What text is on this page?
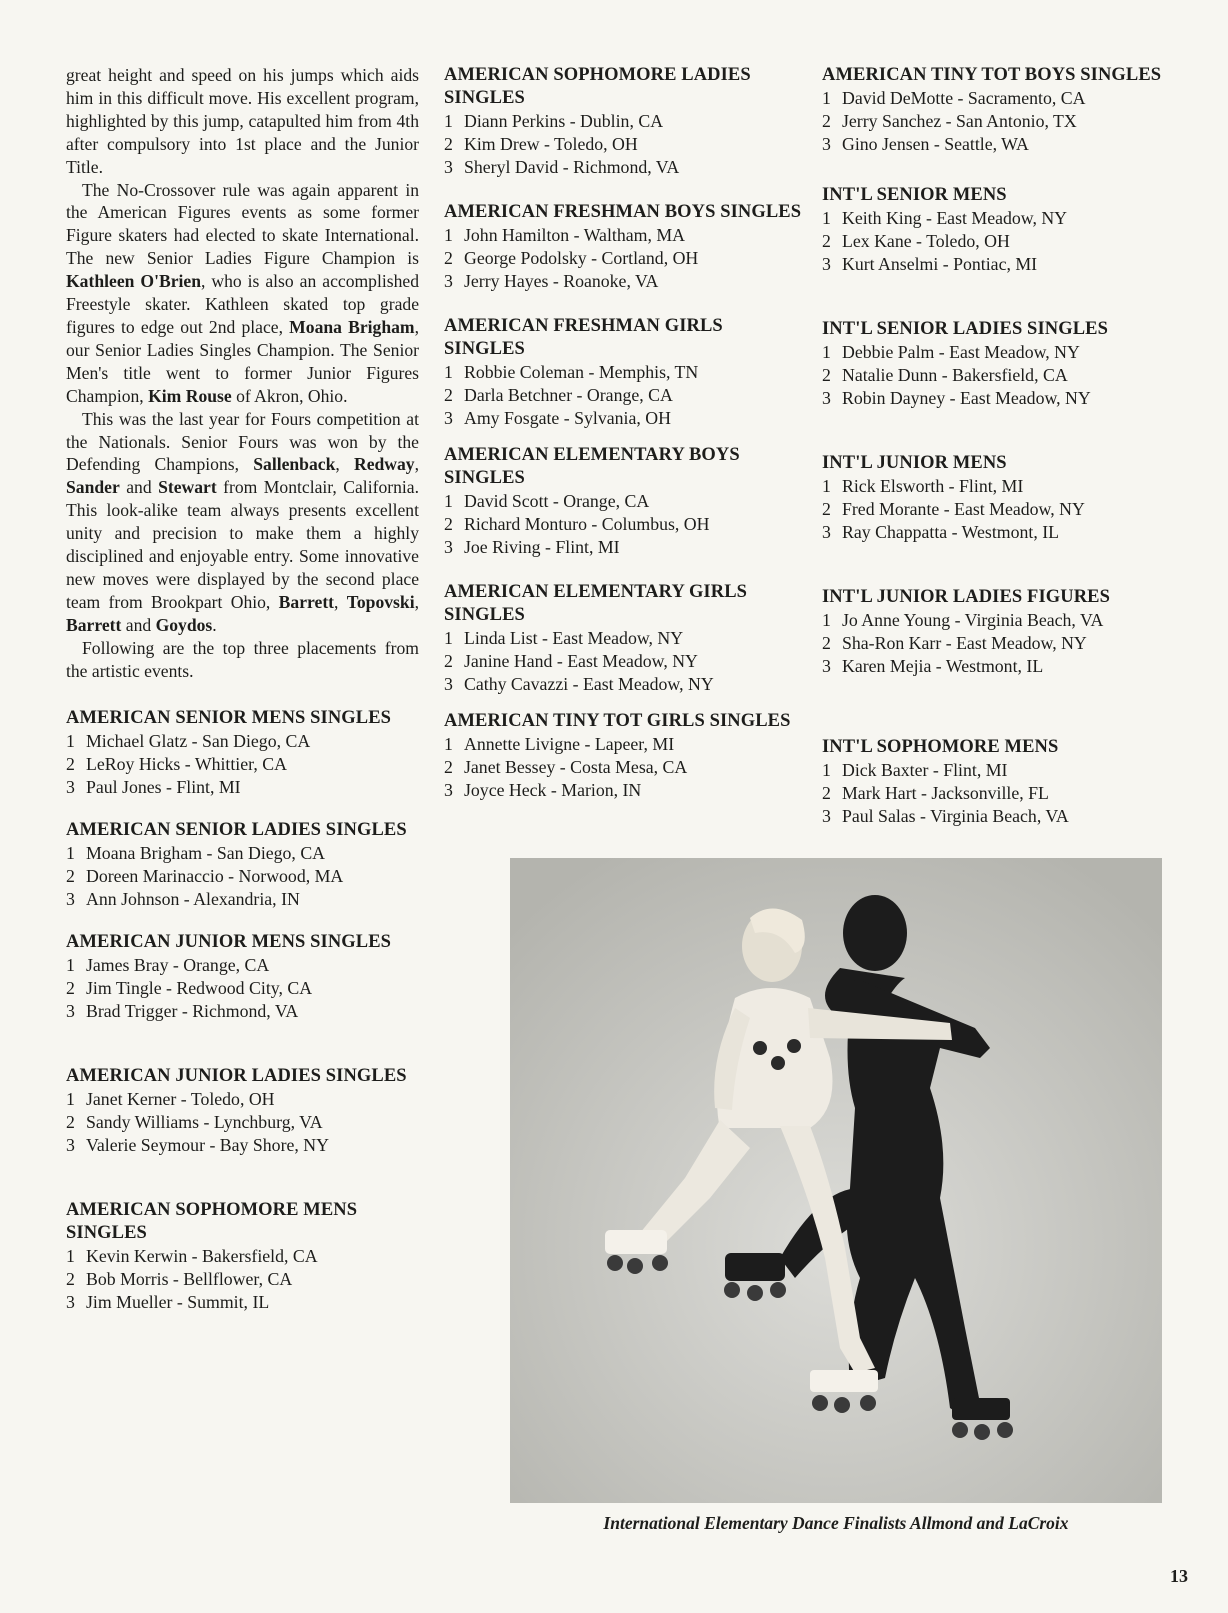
great height and speed on his jumps which aids him in this difficult move. His excellent program, highlighted by this jump, catapulted him from 4th after compulsory into 1st place and the Junior Title.

The No-Crossover rule was again apparent in the American Figures events as some former Figure skaters had elected to skate International. The new Senior Ladies Figure Champion is Kathleen O'Brien, who is also an accomplished Freestyle skater. Kathleen skated top grade figures to edge out 2nd place, Moana Brigham, our Senior Ladies Singles Champion. The Senior Men's title went to former Junior Figures Champion, Kim Rouse of Akron, Ohio.

This was the last year for Fours competition at the Nationals. Senior Fours was won by the Defending Champions, Sallenback, Redway, Sander and Stewart from Montclair, California. This look-alike team always presents excellent unity and precision to make them a highly disciplined and enjoyable entry. Some innovative new moves were displayed by the second place team from Brookpart Ohio, Barrett, Topovski, Barrett and Goydos.

Following are the top three placements from the artistic events.

AMERICAN SENIOR MENS SINGLES
1 Michael Glatz - San Diego, CA
2 LeRoy Hicks - Whittier, CA
3 Paul Jones - Flint, MI
AMERICAN SENIOR LADIES SINGLES
1 Moana Brigham - San Diego, CA
2 Doreen Marinaccio - Norwood, MA
3 Ann Johnson - Alexandria, IN
AMERICAN JUNIOR MENS SINGLES
1 James Bray - Orange, CA
2 Jim Tingle - Redwood City, CA
3 Brad Trigger - Richmond, VA
AMERICAN JUNIOR LADIES SINGLES
1 Janet Kerner - Toledo, OH
2 Sandy Williams - Lynchburg, VA
3 Valerie Seymour - Bay Shore, NY
AMERICAN SOPHOMORE MENS SINGLES
1 Kevin Kerwin - Bakersfield, CA
2 Bob Morris - Bellflower, CA
3 Jim Mueller - Summit, IL
AMERICAN SOPHOMORE LADIES SINGLES
1 Diann Perkins - Dublin, CA
2 Kim Drew - Toledo, OH
3 Sheryl David - Richmond, VA
AMERICAN FRESHMAN BOYS SINGLES
1 John Hamilton - Waltham, MA
2 George Podolsky - Cortland, OH
3 Jerry Hayes - Roanoke, VA
AMERICAN FRESHMAN GIRLS SINGLES
1 Robbie Coleman - Memphis, TN
2 Darla Betchner - Orange, CA
3 Amy Fosgate - Sylvania, OH
AMERICAN ELEMENTARY BOYS SINGLES
1 David Scott - Orange, CA
2 Richard Monturo - Columbus, OH
3 Joe Riving - Flint, MI
AMERICAN ELEMENTARY GIRLS SINGLES
1 Linda List - East Meadow, NY
2 Janine Hand - East Meadow, NY
3 Cathy Cavazzi - East Meadow, NY
AMERICAN TINY TOT GIRLS SINGLES
1 Annette Livigne - Lapeer, MI
2 Janet Bessey - Costa Mesa, CA
3 Joyce Heck - Marion, IN
AMERICAN TINY TOT BOYS SINGLES
1 David DeMotte - Sacramento, CA
2 Jerry Sanchez - San Antonio, TX
3 Gino Jensen - Seattle, WA
INT'L SENIOR MENS
1 Keith King - East Meadow, NY
2 Lex Kane - Toledo, OH
3 Kurt Anselmi - Pontiac, MI
INT'L SENIOR LADIES SINGLES
1 Debbie Palm - East Meadow, NY
2 Natalie Dunn - Bakersfield, CA
3 Robin Dayney - East Meadow, NY
INT'L JUNIOR MENS
1 Rick Elsworth - Flint, MI
2 Fred Morante - East Meadow, NY
3 Ray Chappatta - Westmont, IL
INT'L JUNIOR LADIES FIGURES
1 Jo Anne Young - Virginia Beach, VA
2 Sha-Ron Karr - East Meadow, NY
3 Karen Mejia - Westmont, IL
INT'L SOPHOMORE MENS
1 Dick Baxter - Flint, MI
2 Mark Hart - Jacksonville, FL
3 Paul Salas - Virginia Beach, VA
International Elementary Dance Finalists Allmond and LaCroix
13
